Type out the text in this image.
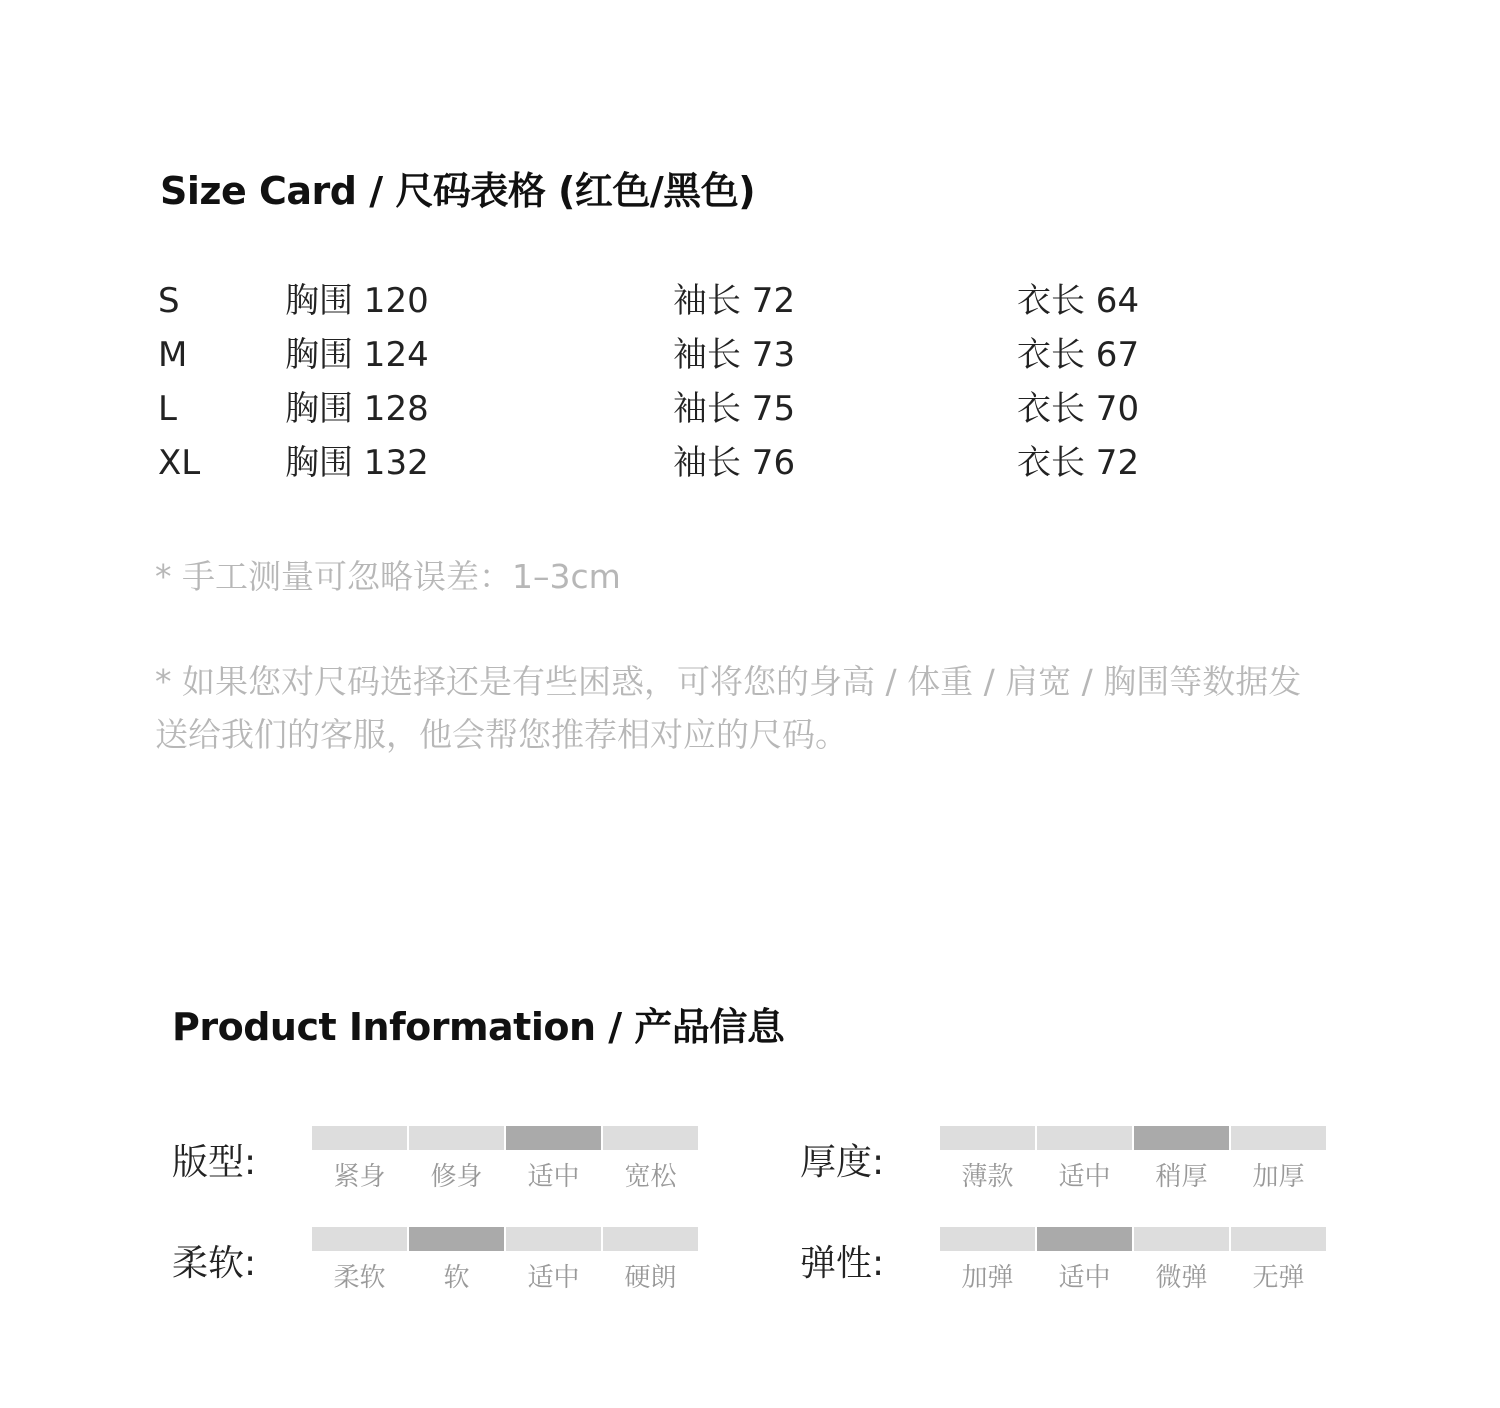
Size Card / 尺码表格 (红色/黑色)
S	胸围 120	袖长 72	衣长 64
M	胸围 124	袖长 73	衣长 67
L	胸围 128	袖长 75	衣长 70
XL 胸围 132	袖长 76	衣长 72
* 手工测量可忽略误差：1–3cm
* 如果您对尺码选择还是有些困惑，可将您的身高 / 体重 / 肩宽 / 胸围等数据发送给我们的客服，他会帮您推荐相对应的尺码。
Product Information / 产品信息
版型:	紧身	修身	适中	宽松	厚度:	薄款	适中	稍厚	加厚
柔软:	柔软	软	适中	硬朗	弹性:	加弹	适中	微弹	无弹
